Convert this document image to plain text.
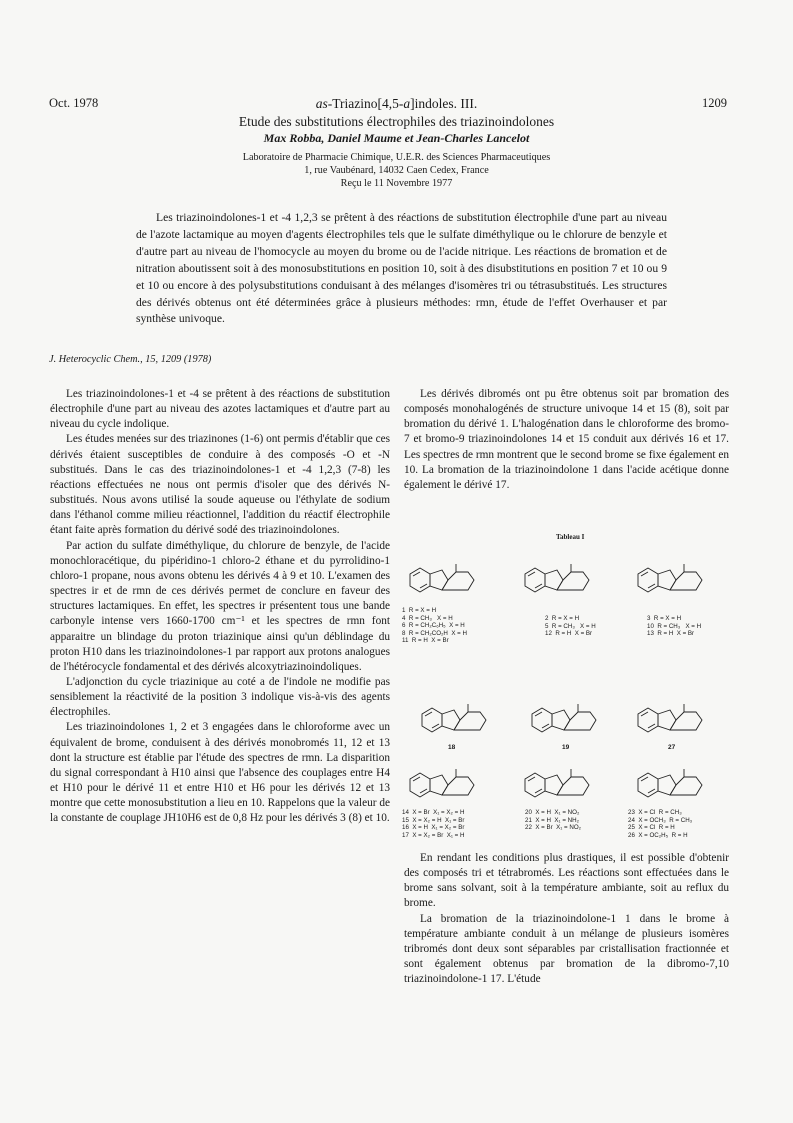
Oct. 1978	as-Triazino[4,5-a]indoles. III.	1209
Etude des substitutions électrophiles des triazinoindolones
Max Robba, Daniel Maume et Jean-Charles Lancelot
Laboratoire de Pharmacie Chimique, U.E.R. des Sciences Pharmaceutiques
1, rue Vaubénard, 14032 Caen Cedex, France
Reçu le 11 Novembre 1977

Les triazinoindolones-1 et -4 1,2,3 se prêtent à des réactions de substitution électrophile d'une part au niveau de l'azote lactamique au moyen d'agents électrophiles tels que le sulfate diméthylique ou le chlorure de benzyle et d'autre part au niveau de l'homocycle au moyen du brome ou de l'acide nitrique. Les réactions de bromation et de nitration aboutissent soit à des monosubstitutions en position 10, soit à des disubstitutions en position 7 et 10 ou 9 et 10 ou encore à des polysubstitutions conduisant à des mélanges d'isomères tri ou tétrasubstitués. Les structures des dérivés obtenus ont été déterminées grâce à plusieurs méthodes: rmn, étude de l'effet Overhauser et par synthèse univoque.

J. Heterocyclic Chem., 15, 1209 (1978)

Les triazinoindolones-1 et -4 se prêtent à des réactions de substitution électrophile d'une part au niveau des azotes lactamiques et d'autre part au niveau du cycle indolique.

Les études menées sur des triazinones (1-6) ont permis d'établir que ces dérivés étaient susceptibles de conduire à des composés -O et -N substitués. Dans le cas des triazinoindolones-1 et -4 1,2,3 (7-8) les réactions effectuées ne nous ont permis d'isoler que des dérivés N-substitués. Nous avons utilisé la soude aqueuse ou l'éthylate de sodium dans l'éthanol comme milieu réactionnel, l'addition du réactif électrophile étant faite après formation du dérivé sodé des triazinoindolones.

Par action du sulfate diméthylique, du chlorure de benzyle, de l'acide monochloracétique, du pipéridino-1 chloro-2 éthane et du pyrrolidino-1 chloro-1 propane, nous avons obtenu les dérivés 4 à 9 et 10. L'examen des spectres ir et de rmn de ces dérivés permet de conclure en faveur des structures lactamiques. En effet, les spectres ir présentent tous une bande carbonyle intense vers 1660-1700 cm⁻¹ et les spectres de rmn font apparaitre un blindage du proton triazinique ainsi qu'un déblindage du proton H10 dans les triazinoindolones-1 par rapport aux protons analogues de l'hétérocycle fondamental et des dérivés alcoxytriazinoindoliques.

L'adjonction du cycle triazinique au coté a de l'indole ne modifie pas sensiblement la réactivité de la position 3 indolique vis-à-vis des agents électrophiles.

Les triazinoindolones 1, 2 et 3 engagées dans le chloroforme avec un équivalent de brome, conduisent à des dérivés monobromés 11, 12 et 13 dont la structure est établie par l'étude des spectres de rmn. La disparition du signal correspondant à H10 ainsi que l'absence des couplages entre H4 et H10 pour le dérivé 11 et entre H10 et H6 pour les dérivés 12 et 13 montre que cette monosubstitution a lieu en 10. Rappelons que la valeur de la constante de couplage JH10H6 est de 0,8 Hz pour les dérivés 3 (8) et 10.

Les dérivés dibromés ont pu être obtenus soit par bromation des composés monohalogénés de structure univoque 14 et 15 (8), soit par bromation du dérivé 1. L'halogénation dans le chloroforme des bromo-7 et bromo-9 triazinoindolones 14 et 15 conduit aux dérivés 16 et 17. Les spectres de rmn montrent que le second brome se fixe également en 10. La bromation de la triazinoindolone 1 dans l'acide acétique donne également le dérivé 17.

Tableau I
1  R = X = H
4  R = CH₃   X = H
6  R = CH₂C₆H₅  X = H
8  R = CH₂CO₂H  X = H
11  R = H  X = Br
2  R = X = H
5  R = CH₃   X = H
12  R = H  X = Br
3  R = X = H
10  R = CH₃   X = H
13  R = H  X = Br
18	19	27
14  X = Br  X₁ = X₂ = H
15  X = X₂ = H  X₁ = Br
16  X = H  X₁ = X₂ = Br
17  X = X₂ = Br  X₁ = H
20  X = H  X₁ = NO₂
21  X = H  X₁ = NH₂
22  X = Br  X₁ = NO₂
23  X = Cl  R = CH₃
24  X = OCH₃  R = CH₃
25  X = Cl  R = H
26  X = OC₂H₅  R = H

En rendant les conditions plus drastiques, il est possible d'obtenir des composés tri et tétrabromés. Les réactions sont effectuées dans le brome sans solvant, soit à la température ambiante, soit au reflux du brome.

La bromation de la triazinoindolone-1 1 dans le brome à température ambiante conduit à un mélange de plusieurs isomères tribromés dont deux sont séparables par cristallisation fractionnée et sont également obtenus par bromation de la dibromo-7,10 triazinoindolone-1 17. L'étude
